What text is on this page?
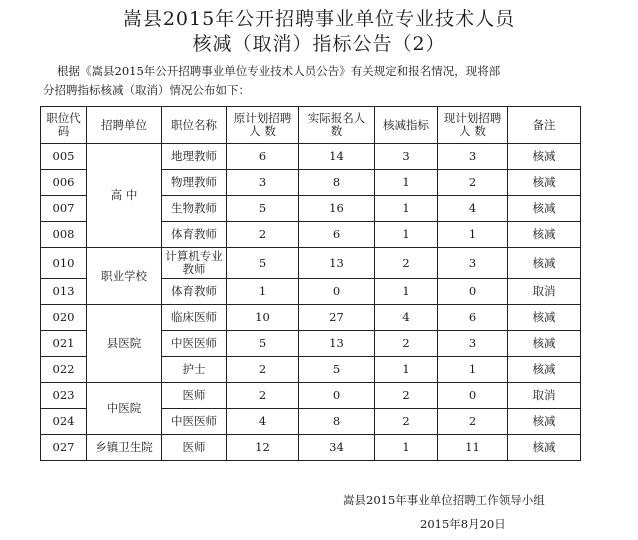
嵩县2015年公开招聘事业单位专业技术人员
核减（取消）指标公告（2）

根据《嵩县2015年公开招聘事业单位专业技术人员公告》有关规定和报名情况，现将部

分招聘指标核减（取消）情况公布如下：

职位代码	招聘单位	职位名称	原计划招聘人 数	实际报名人 数	核减指标	现计划招聘人 数	备注
005	高 中	地理教师	6	14	3	3	核减
006		物理教师	3	8	1	2	核减
007		生物教师	5	16	1	4	核减
008		体育教师	2	6	1	1	核减
010	职业学校	计算机专业教师	5	13	2	3	核减
013		体育教师	1	0	1	0	取消
020	县医院	临床医师	10	27	4	6	核减
021		中医医师	5	13	2	3	核减
022		护士	2	5	1	1	核减
023	中医院	医师	2	0	2	0	取消
024		中医医师	4	8	2	2	核减
027	乡镇卫生院	医师	12	34	1	11	核减
嵩县2015年事业单位招聘工作领导小组
2015年8月20日
